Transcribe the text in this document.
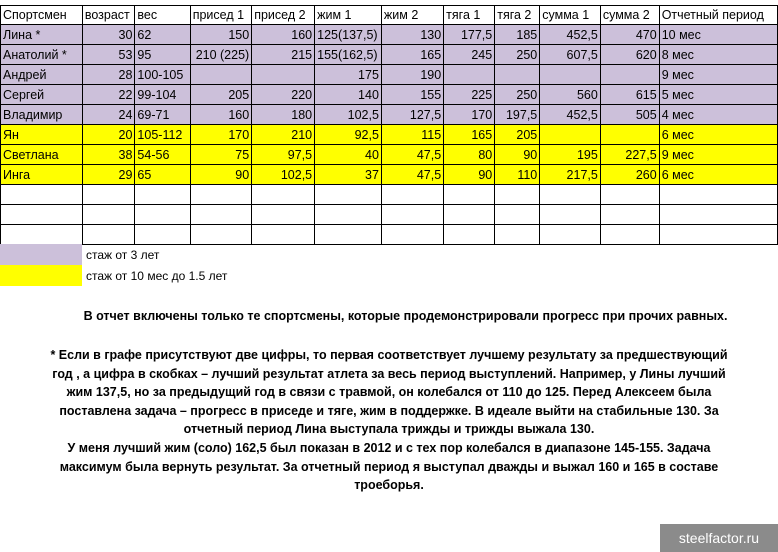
Спортсмен	возраст	вес	присед 1	присед 2	жим 1	жим 2	тяга 1	тяга 2	сумма 1	сумма 2	Отчетный период
Лина *	30	62	150	160	125(137,5)	130	177,5	185	452,5	470	10 мес
Анатолий *	53	95	210 (225)	215	155(162,5)	165	245	250	607,5	620	8 мес
Андрей	28	100-105			175	190					9 мес
Сергей	22	99-104	205	220	140	155	225	250	560	615	5 мес
Владимир	24	69-71	160	180	102,5	127,5	170	197,5	452,5	505	4 мес
Ян	20	105-112	170	210	92,5	115	165	205			6 мес
Светлана	38	54-56	75	97,5	40	47,5	80	90	195	227,5	9 мес
Инга	29	65	90	102,5	37	47,5	90	110	217,5	260	6 мес

стаж от 3 лет
стаж от 10 мес до 1.5 лет
В отчет включены только те спортсмены, которые продемонстрировали прогресс при прочих равных.
* Если в графе присутствуют две цифры, то первая соответствует лучшему результату за предшествующий
год , а цифра в скобках – лучший результат атлета за весь период выступлений. Например, у Лины лучший
жим 137,5, но за предыдущий год в связи с травмой, он колебался от 110 до 125. Перед Алексеем была
поставлена задача – прогресс в приседе и тяге, жим в поддержке. В идеале выйти на стабильные 130. За
отчетный период Лина выступала трижды и трижды выжала 130.
У меня лучший жим (соло) 162,5 был показан в 2012 и с тех пор колебался в диапазоне 145-155. Задача
максимум была вернуть результат. За отчетный период я выступал дважды и выжал 160 и 165 в составе
троеборья.
steelfactor.ru
